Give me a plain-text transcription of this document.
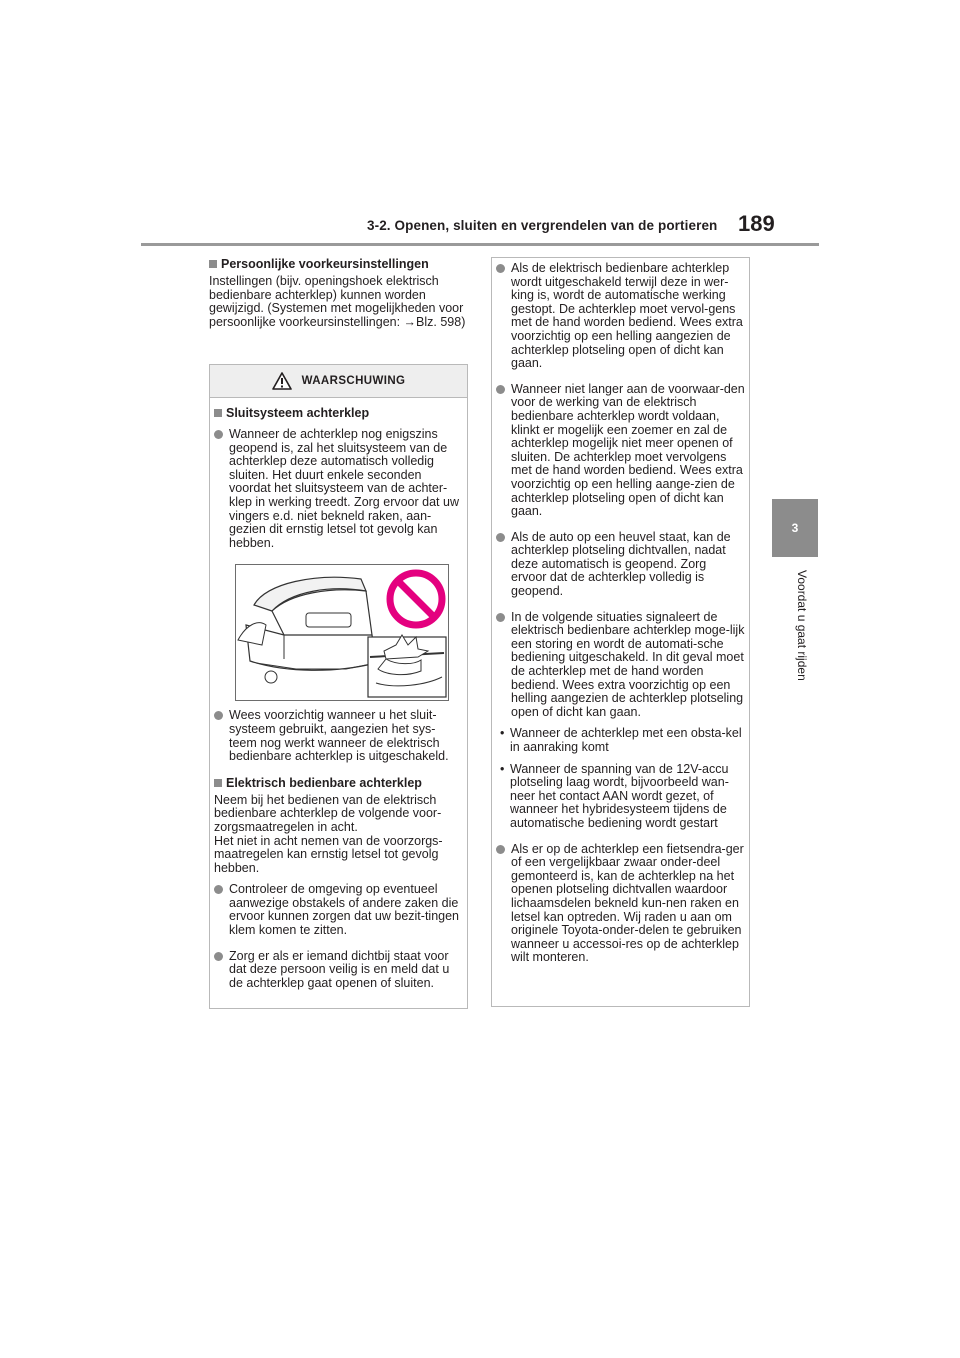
3-2. Openen, sluiten en vergrendelen van de portieren 189
3
Voordat u gaat rijden
Persoonlijke voorkeursinstellingen

Instellingen (bijv. openingshoek elektrisch bedienbare achterklep) kunnen worden gewijzigd. (Systemen met mogelijkheden voor persoonlijke voorkeursinstellingen: →Blz. 598)

WAARSCHUWING
Sluitsysteem achterklep
Wanneer de achterklep nog enigszins geopend is, zal het sluitsysteem van de achterklep deze automatisch volledig sluiten. Het duurt enkele seconden voordat het sluitsysteem van de achter-klep in werking treedt. Zorg ervoor dat uw vingers e.d. niet bekneld raken, aan-gezien dit ernstig letsel tot gevolg kan hebben.
Wees voorzichtig wanneer u het sluit-systeem gebruikt, aangezien het sys-teem nog werkt wanneer de elektrisch bedienbare achterklep is uitgeschakeld.
Elektrisch bedienbare achterklep

Neem bij het bedienen van de elektrisch bedienbare achterklep de volgende voor-zorgsmaatregelen in acht.
Het niet in acht nemen van de voorzorgs-maatregelen kan ernstig letsel tot gevolg hebben.

Controleer de omgeving op eventueel aanwezige obstakels of andere zaken die ervoor kunnen zorgen dat uw bezit-tingen klem komen te zitten.
Zorg er als er iemand dichtbij staat voor dat deze persoon veilig is en meld dat u de achterklep gaat openen of sluiten.
Als de elektrisch bedienbare achterklep wordt uitgeschakeld terwijl deze in wer-king is, wordt de automatische werking gestopt. De achterklep moet vervol-gens met de hand worden bediend. Wees extra voorzichtig op een helling aangezien de achterklep plotseling open of dicht kan gaan.
Wanneer niet langer aan de voorwaar-den voor de werking van de elektrisch bedienbare achterklep wordt voldaan, klinkt er mogelijk een zoemer en zal de achterklep mogelijk niet meer openen of sluiten. De achterklep moet vervolgens met de hand worden bediend. Wees extra voorzichtig op een helling aange-zien de achterklep plotseling open of dicht kan gaan.
Als de auto op een heuvel staat, kan de achterklep plotseling dichtvallen, nadat deze automatisch is geopend. Zorg ervoor dat de achterklep volledig is geopend.
In de volgende situaties signaleert de elektrisch bedienbare achterklep moge-lijk een storing en wordt de automati-sche bediening uitgeschakeld. In dit geval moet de achterklep met de hand worden bediend. Wees extra voorzichtig op een helling aangezien de achterklep plotseling open of dicht kan gaan.
• Wanneer de achterklep met een obsta-kel in aanraking komt
• Wanneer de spanning van de 12V-accu plotseling laag wordt, bijvoorbeeld wan-neer het contact AAN wordt gezet, of wanneer het hybridesysteem tijdens de automatische bediening wordt gestart
Als er op de achterklep een fietsendra-ger of een vergelijkbaar zwaar onder-deel gemonteerd is, kan de achterklep na het openen plotseling dichtvallen waardoor lichaamsdelen bekneld kun-nen raken en letsel kan optreden. Wij raden u aan om originele Toyota-onder-delen te gebruiken wanneer u accessoi-res op de achterklep wilt monteren.
